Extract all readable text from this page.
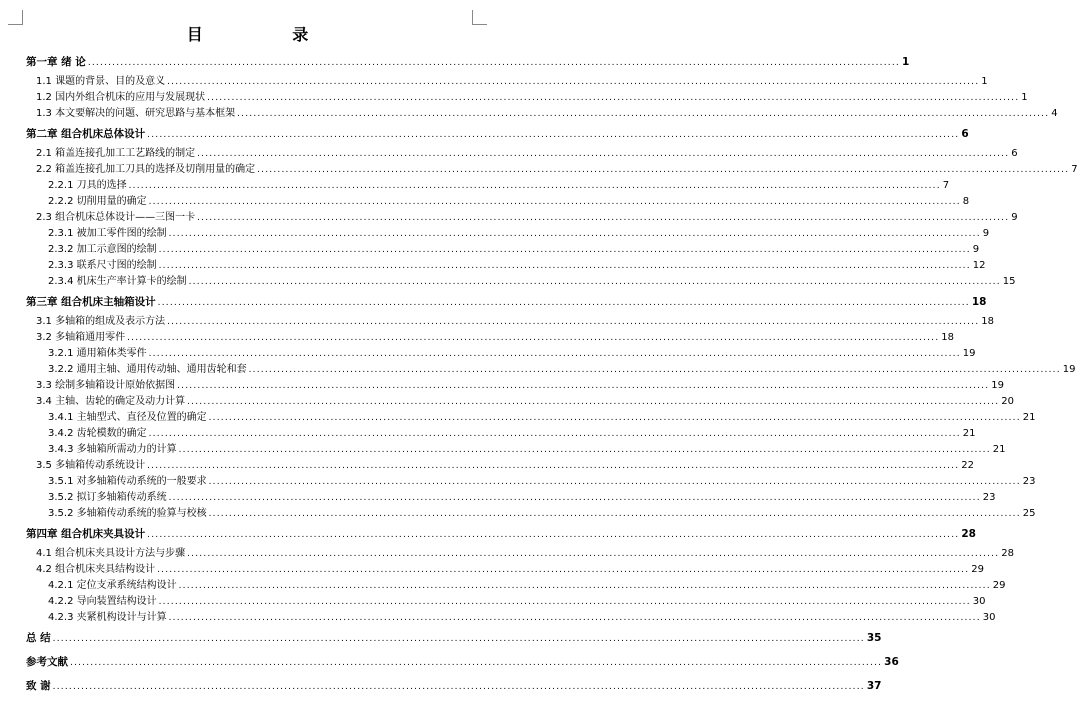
目 录
第一章 绪 论 ........................................................................................................................................................................................................ 1
1.1 课题的背景、目的及意义 ........................................................................................................................................................................................................ 1
1.2 国内外组合机床的应用与发展现状 ........................................................................................................................................................................................................ 1
1.3 本文要解决的问题、研究思路与基本框架 ........................................................................................................................................................................................................ 4
第二章 组合机床总体设计 ........................................................................................................................................................................................................ 6
2.1 箱盖连接孔加工工艺路线的制定 ........................................................................................................................................................................................................ 6
2.2 箱盖连接孔加工刀具的选择及切削用量的确定 ........................................................................................................................................................................................................ 7
2.2.1 刀具的选择 ........................................................................................................................................................................................................ 7
2.2.2 切削用量的确定 ........................................................................................................................................................................................................ 8
2.3 组合机床总体设计——三图一卡 ........................................................................................................................................................................................................ 9
2.3.1 被加工零件图的绘制 ........................................................................................................................................................................................................ 9
2.3.2 加工示意图的绘制 ........................................................................................................................................................................................................ 9
2.3.3 联系尺寸图的绘制 ........................................................................................................................................................................................................ 12
2.3.4 机床生产率计算卡的绘制 ........................................................................................................................................................................................................ 15
第三章 组合机床主轴箱设计 ........................................................................................................................................................................................................ 18
3.1 多轴箱的组成及表示方法 ........................................................................................................................................................................................................ 18
3.2 多轴箱通用零件 ........................................................................................................................................................................................................ 18
3.2.1 通用箱体类零件 ........................................................................................................................................................................................................ 19
3.2.2 通用主轴、通用传动轴、通用齿轮和套 ........................................................................................................................................................................................................ 19
3.3 绘制多轴箱设计原始依据图 ........................................................................................................................................................................................................ 19
3.4 主轴、齿轮的确定及动力计算 ........................................................................................................................................................................................................ 20
3.4.1 主轴型式、直径及位置的确定 ........................................................................................................................................................................................................ 21
3.4.2 齿轮模数的确定 ........................................................................................................................................................................................................ 21
3.4.3 多轴箱所需动力的计算 ........................................................................................................................................................................................................ 21
3.5 多轴箱传动系统设计 ........................................................................................................................................................................................................ 22
3.5.1 对多轴箱传动系统的一般要求 ........................................................................................................................................................................................................ 23
3.5.2 拟订多轴箱传动系统 ........................................................................................................................................................................................................ 23
3.5.2 多轴箱传动系统的验算与校核 ........................................................................................................................................................................................................ 25
第四章 组合机床夹具设计 ........................................................................................................................................................................................................ 28
4.1 组合机床夹具设计方法与步骤 ........................................................................................................................................................................................................ 28
4.2 组合机床夹具结构设计 ........................................................................................................................................................................................................ 29
4.2.1 定位支承系统结构设计 ........................................................................................................................................................................................................ 29
4.2.2 导向装置结构设计 ........................................................................................................................................................................................................ 30
4.2.3 夹紧机构设计与计算 ........................................................................................................................................................................................................ 30
总 结 ........................................................................................................................................................................................................ 35
参考文献 ........................................................................................................................................................................................................ 36
致 谢 ........................................................................................................................................................................................................ 37
